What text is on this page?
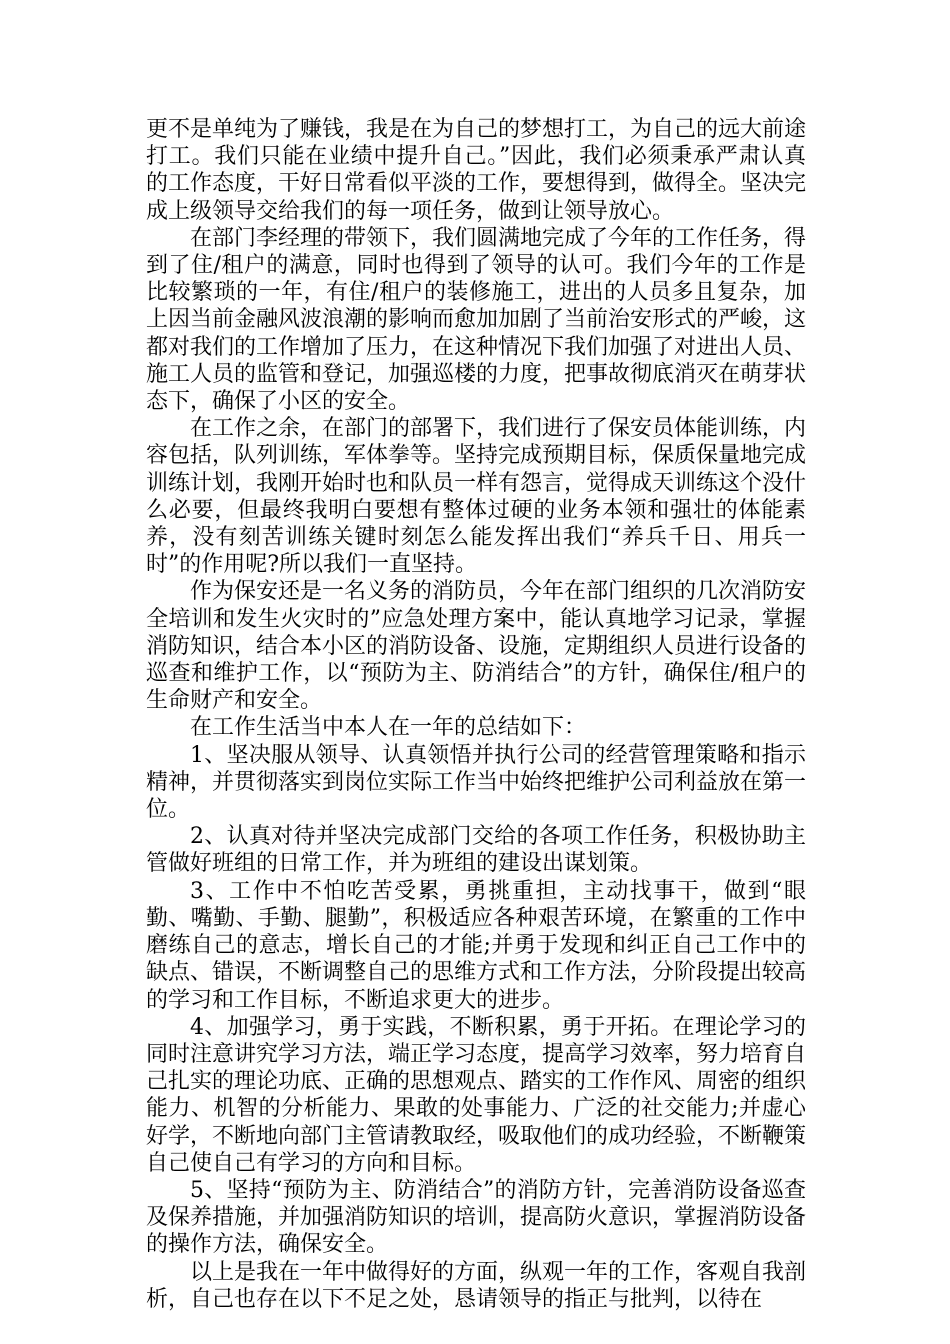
更不是单纯为了赚钱，我是在为自己的梦想打工，为自己的远大前途打工。我们只能在业绩中提升自己。”因此，我们必须秉承严肃认真的工作态度，干好日常看似平淡的工作，要想得到，做得全。坚决完成上级领导交给我们的每一项任务，做到让领导放心。

在部门李经理的带领下，我们圆满地完成了今年的工作任务，得到了住/租户的满意，同时也得到了领导的认可。我们今年的工作是比较繁琐的一年，有住/租户的装修施工，进出的人员多且复杂，加上因当前金融风波浪潮的影响而愈加加剧了当前治安形式的严峻，这都对我们的工作增加了压力，在这种情况下我们加强了对进出人员、施工人员的监管和登记，加强巡楼的力度，把事故彻底消灭在萌芽状态下，确保了小区的安全。

在工作之余，在部门的部署下，我们进行了保安员体能训练，内容包括，队列训练，军体拳等。坚持完成预期目标，保质保量地完成训练计划，我刚开始时也和队员一样有怨言，觉得成天训练这个没什么必要，但最终我明白要想有整体过硬的业务本领和强壮的体能素养，没有刻苦训练关键时刻怎么能发挥出我们“养兵千日、用兵一时”的作用呢?所以我们一直坚持。

作为保安还是一名义务的消防员，今年在部门组织的几次消防安全培训和发生火灾时的”应急处理方案中，能认真地学习记录，掌握消防知识，结合本小区的消防设备、设施，定期组织人员进行设备的巡查和维护工作，以“预防为主、防消结合”的方针，确保住/租户的生命财产和安全。

在工作生活当中本人在一年的总结如下：

1、坚决服从领导、认真领悟并执行公司的经营管理策略和指示精神，并贯彻落实到岗位实际工作当中始终把维护公司利益放在第一位。

2、认真对待并坚决完成部门交给的各项工作任务，积极协助主管做好班组的日常工作，并为班组的建设出谋划策。

3、工作中不怕吃苦受累，勇挑重担，主动找事干，做到“眼勤、嘴勤、手勤、腿勤”，积极适应各种艰苦环境，在繁重的工作中磨练自己的意志，增长自己的才能;并勇于发现和纠正自己工作中的缺点、错误，不断调整自己的思维方式和工作方法，分阶段提出较高的学习和工作目标，不断追求更大的进步。

4、加强学习，勇于实践，不断积累，勇于开拓。在理论学习的同时注意讲究学习方法，端正学习态度，提高学习效率，努力培育自己扎实的理论功底、正确的思想观点、踏实的工作作风、周密的组织能力、机智的分析能力、果敢的处事能力、广泛的社交能力;并虚心好学，不断地向部门主管请教取经，吸取他们的成功经验，不断鞭策自己使自己有学习的方向和目标。

5、坚持“预防为主、防消结合”的消防方针，完善消防设备巡查及保养措施，并加强消防知识的培训，提高防火意识，掌握消防设备的操作方法，确保安全。

以上是我在一年中做得好的方面，纵观一年的工作，客观自我剖析，自己也存在以下不足之处，恳请领导的指正与批判，以待在
